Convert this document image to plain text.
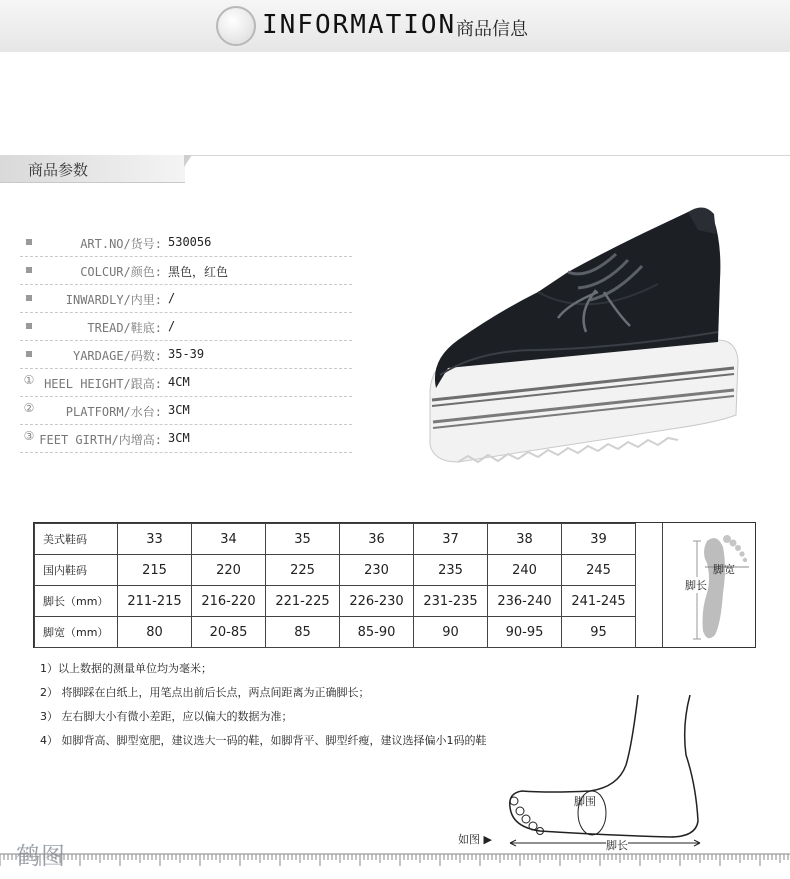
INFORMATION 商品信息
商品参数
ART.NO/货号: 530056
COLCUR/颜色: 黑色，红色
INWARDLY/内里: /
TREAD/鞋底: /
YARDAGE/码数: 35-39
① HEEL HEIGHT/跟高: 4CM
②	PLATFORM/水台: 3CM
③ FEET GIRTH/内增高: 3CM
美式鞋码	33	34	35	36	37	38	39
国内鞋码	215	220	225	230	235	240	245
脚长（mm）	211-215	216-220	221-225	226-230	231-235	236-240	241-245
脚宽（mm）	80	20-85	85	85-90	90	90-95	95
脚宽
脚长
1）以上数据的测量单位均为毫米；
2） 将脚踩在白纸上，用笔点出前后长点，两点间距离为正确脚长；
3） 左右脚大小有微小差距，应以偏大的数据为准；
4） 如脚背高、脚型宽肥，建议选大一码的鞋，如脚背平、脚型纤瘦，建议选择偏小1码的鞋
脚围
脚长
如图 ▶
鹤图
